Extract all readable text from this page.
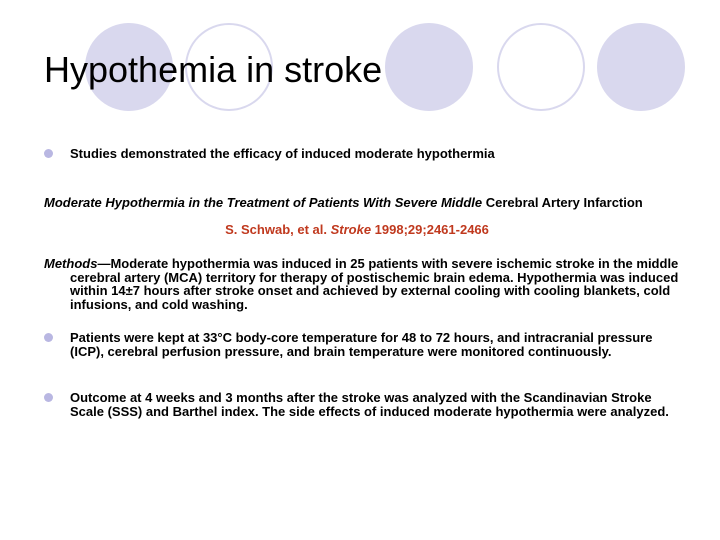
Hypothemia in stroke
Studies demonstrated the efficacy of induced moderate hypothermia
Moderate Hypothermia in the Treatment of Patients With Severe Middle Cerebral Artery Infarction
S. Schwab, et al. Stroke 1998;29;2461-2466
Methods—Moderate hypothermia was induced in 25 patients with severe ischemic stroke in the middle cerebral artery (MCA) territory for therapy of postischemic brain edema. Hypothermia was induced within 14±7 hours after stroke onset and achieved by external cooling with cooling blankets, cold infusions, and cold washing.
Patients were kept at 33°C body-core temperature for 48 to 72 hours, and intracranial pressure (ICP), cerebral perfusion pressure, and brain temperature were monitored continuously.
Outcome at 4 weeks and 3 months after the stroke was analyzed with the Scandinavian Stroke Scale (SSS) and Barthel index. The side effects of induced moderate hypothermia were analyzed.
